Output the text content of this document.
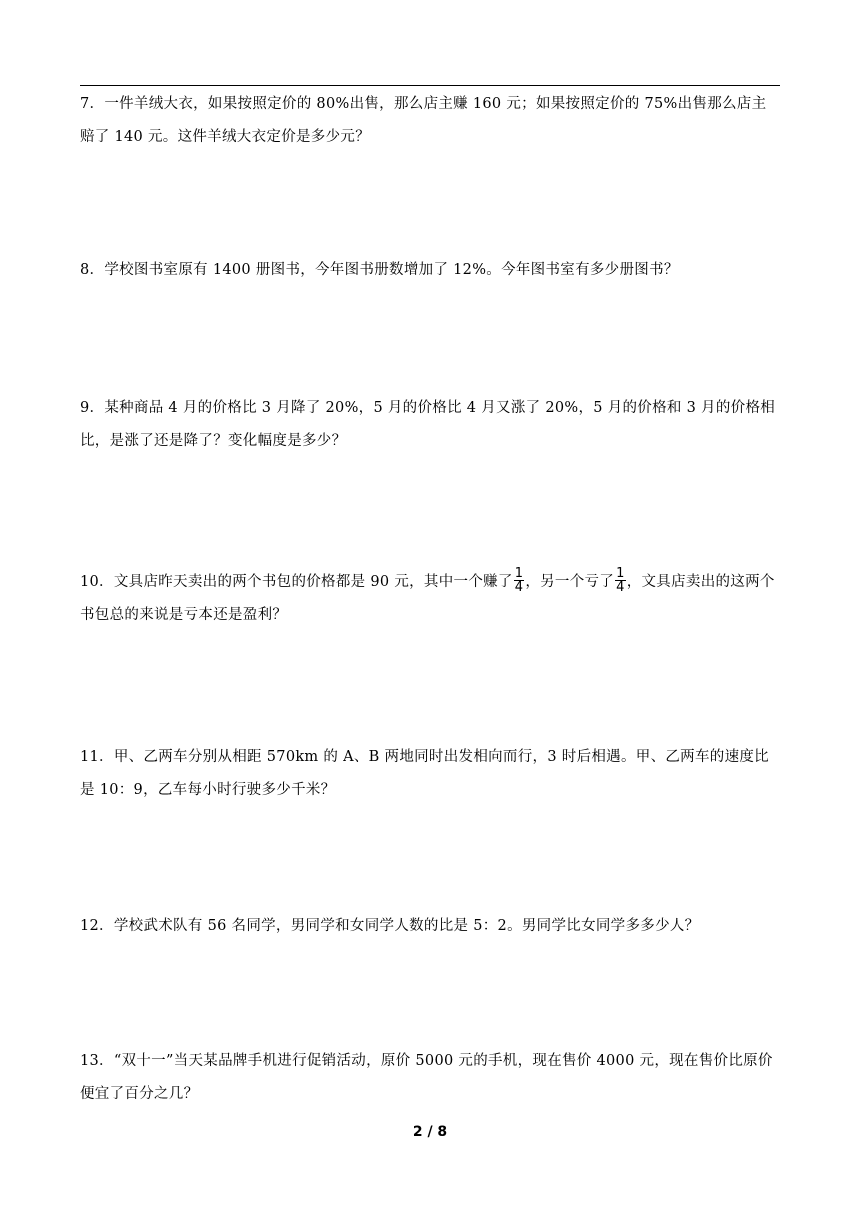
7．一件羊绒大衣，如果按照定价的 80%出售，那么店主赚 160 元；如果按照定价的 75%出售那么店主赔了 140 元。这件羊绒大衣定价是多少元？
8．学校图书室原有 1400 册图书，今年图书册数增加了 12%。今年图书室有多少册图书？
9．某种商品 4 月的价格比 3 月降了 20%，5 月的价格比 4 月又涨了 20%，5 月的价格和 3 月的价格相比，是涨了还是降了？变化幅度是多少？
10．文具店昨天卖出的两个书包的价格都是 90 元，其中一个赚了 $\frac{1}{4}$ ，另一个亏了 $\frac{1}{4}$ ，文具店卖出的这两个书包总的来说是亏本还是盈利？
11．甲、乙两车分别从相距 570km 的 A、B 两地同时出发相向而行，3 时后相遇。甲、乙两车的速度比是 10：9，乙车每小时行驶多少千米？
12．学校武术队有 56 名同学，男同学和女同学人数的比是 5：2。男同学比女同学多多少人？
13．“双十一”当天某品牌手机进行促销活动，原价 5000 元的手机，现在售价 4000 元，现在售价比原价便宜了百分之几？
2 / 8
